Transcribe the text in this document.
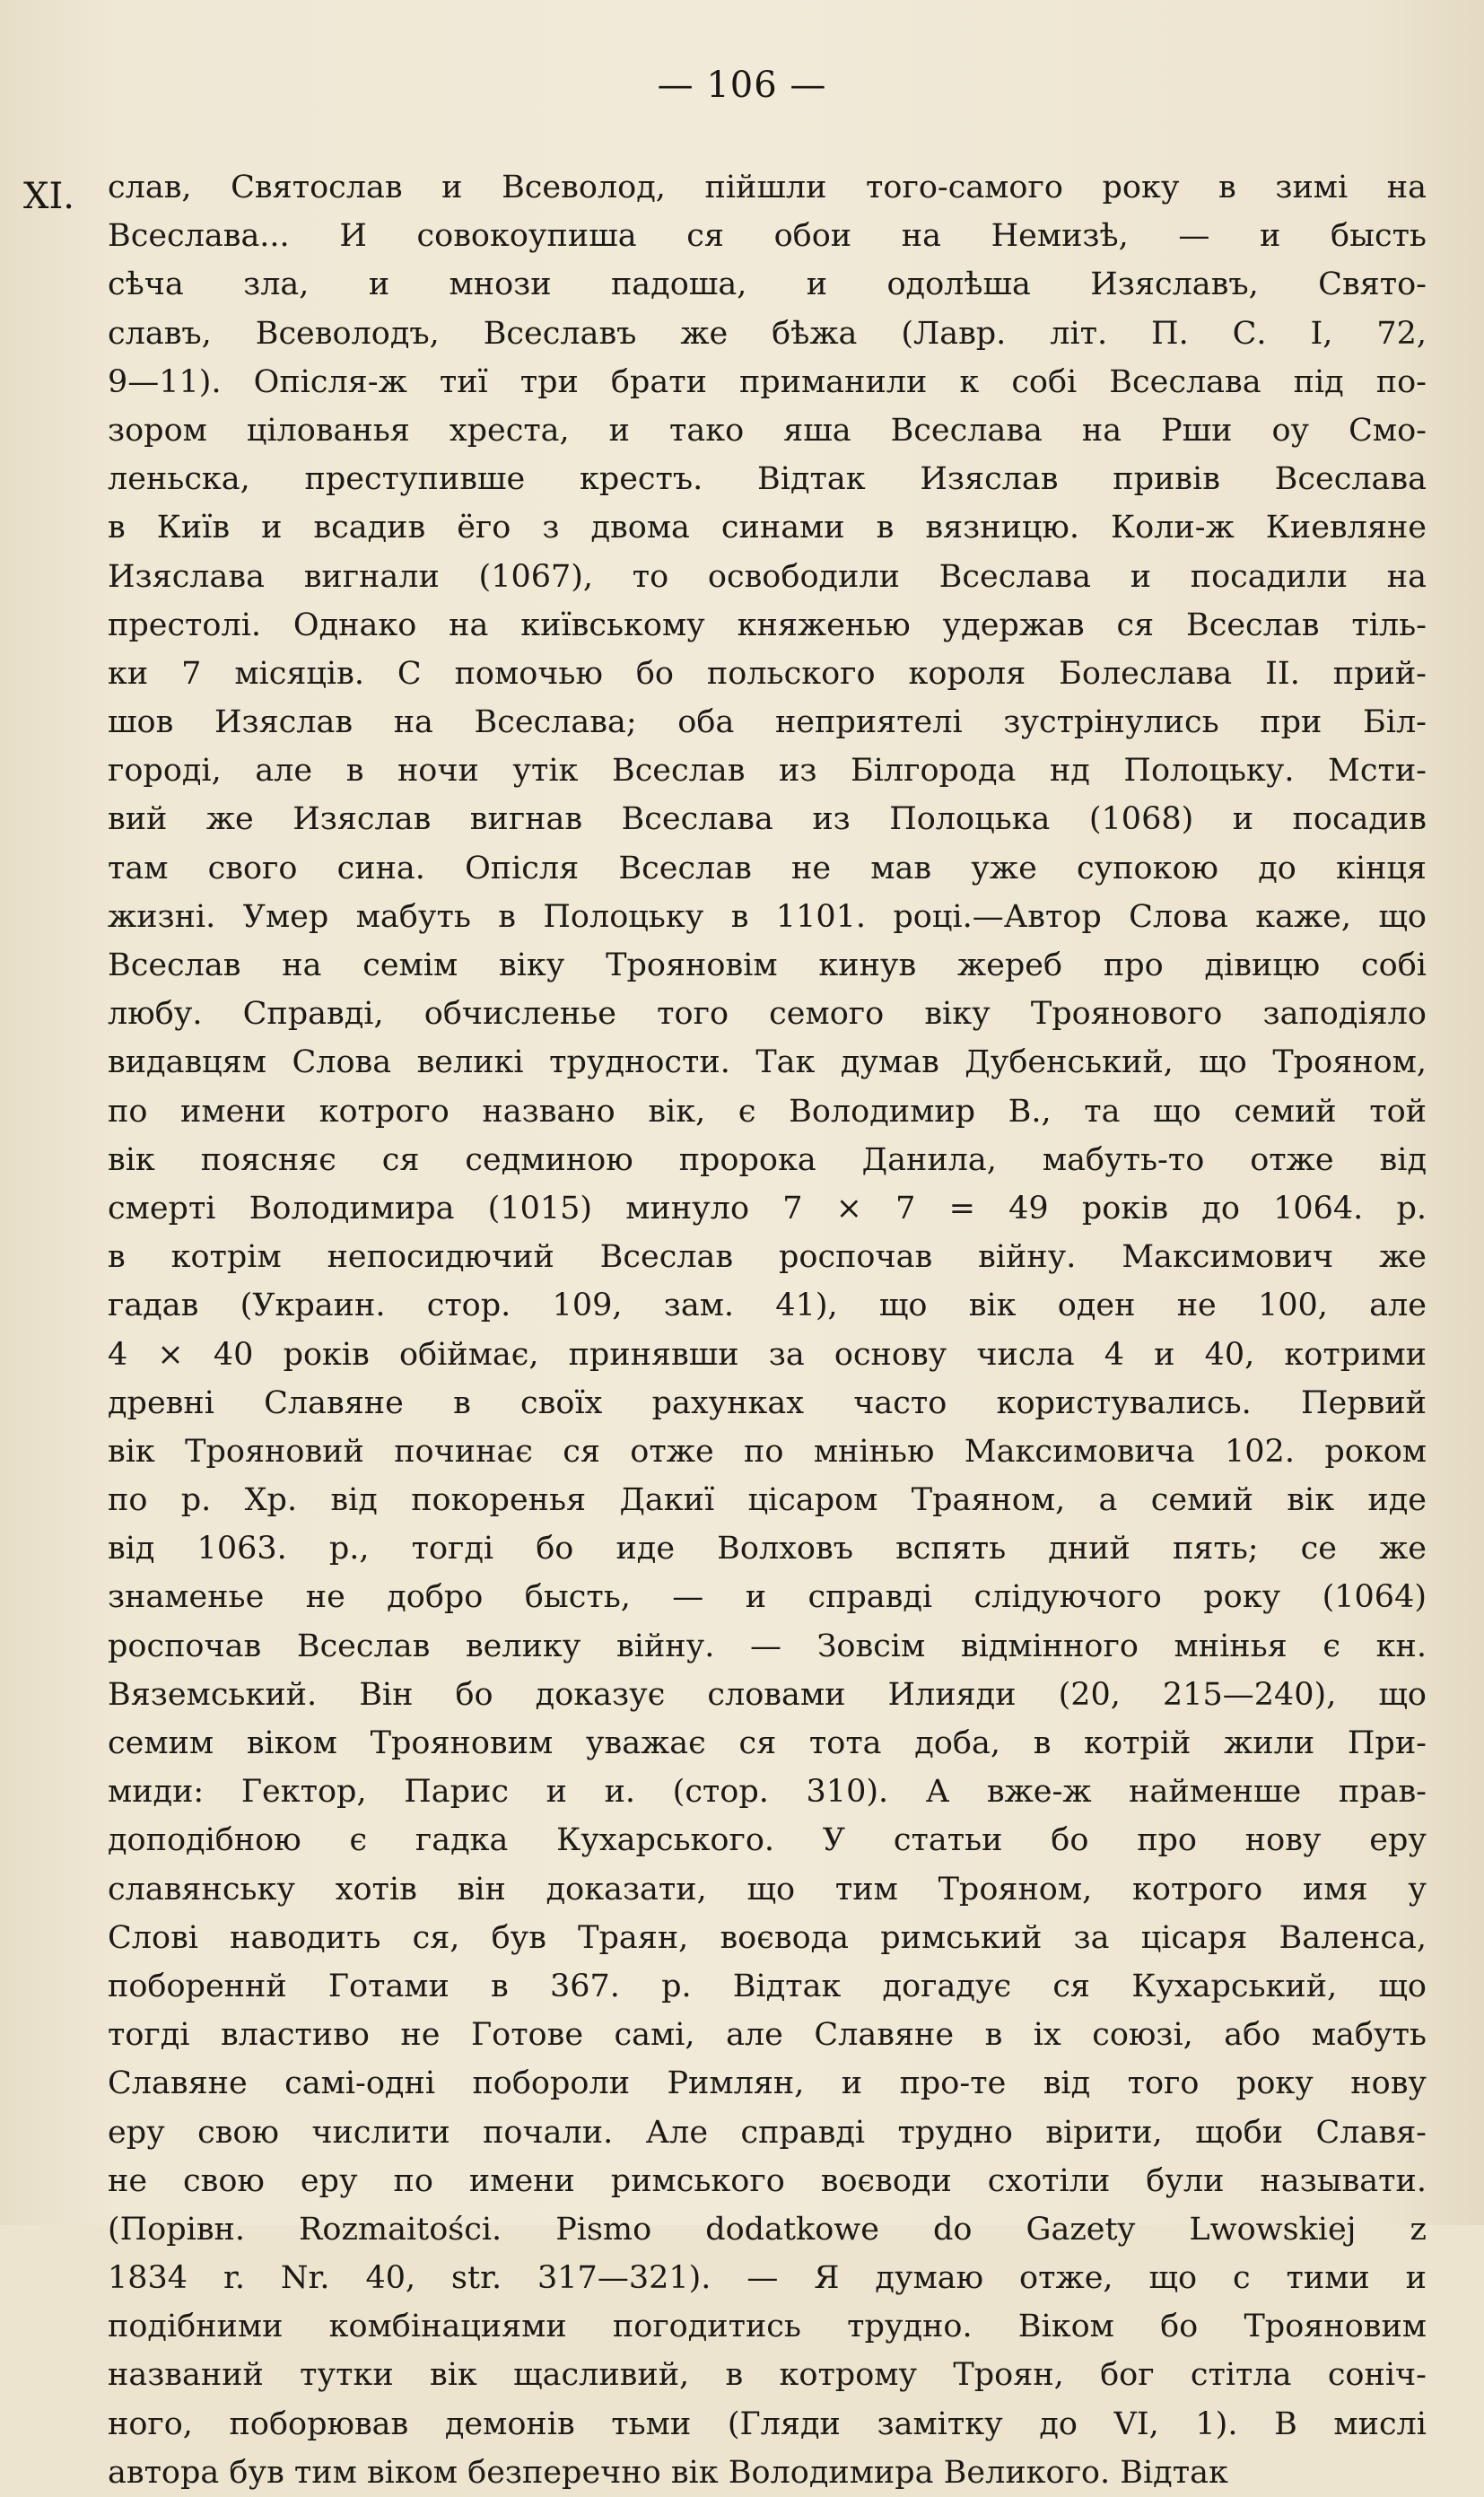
— 106 —
XI. слав, Святослав и Всеволод, пійшли того-самого року в зимі на
Всеслава... И совокоупиша ся обои на Немизѣ, — и бысть
сѣча зла, и мнози падоша, и одолѣша Изяславъ, Свято-
славъ, Всеволодъ, Всеславъ же бѣжа (Лавр. літ. П. С. І, 72,
9—11). Опісля-ж тиї три брати приманили к собі Всеслава під по-
зором цілованья хреста, и тако яша Всеслава на Рши оу Смо-
леньска, преступивше крестъ. Відтак Изяслав привів Всеслава
в Київ и всадив ёго з двома синами в вязницю. Коли-ж Киевляне
Изяслава вигнали (1067), то освободили Всеслава и посадили на
престолі. Однако на київському княженью удержав ся Всеслав тіль-
ки 7 місяців. С помочью бо польского короля Болеслава II. прий-
шов Изяслав на Всеслава; оба неприятелі зустрінулись при Біл-
городі, але в ночи утік Всеслав из Білгорода нд Полоцьку. Мсти-
вий же Изяслав вигнав Всеслава из Полоцька (1068) и посадив
там свого сина. Опісля Всеслав не мав уже супокою до кінця
жизні. Умер мабуть в Полоцьку в 1101. році.—Автор Слова каже, що
Всеслав на семім віку Трояновім кинув жереб про дівицю собі
любу. Справді, обчисленье того семого віку Троянового заподіяло
видавцям Слова великі трудности. Так думав Дубенський, що Трояном,
по имени котрого названо вік, є Володимир В., та що семий той
вік поясняє ся седминою пророка Данила, мабуть-то отже від
смерті Володимира (1015) минуло 7 × 7 = 49 років до 1064. р.
в котрім непосидючий Всеслав роспочав війну. Максимович же
гадав (Украин. стор. 109, зам. 41), що вік оден не 100, але
4 × 40 років обіймає, принявши за основу числа 4 и 40, котрими
древні Славяне в своїх рахунках часто користувались. Первий
вік Трояновий починає ся отже по мнінью Максимовича 102. роком
по р. Хр. від покоренья Дакиї цісаром Траяном, а семий вік иде
від 1063. р., тогді бо иде Волховъ вспять дний пять; се же
знаменье не добро бысть, — и справді слідуючого року (1064)
роспочав Всеслав велику війну. — Зовсім відмінного мнінья є кн.
Вяземський. Він бо доказує словами Илияди (20, 215—240), що
семим віком Трояновим уважає ся тота доба, в котрій жили При-
миди: Гектор, Парис и и. (стор. 310). А вже-ж найменше прав-
доподібною є гадка Кухарського. У статьи бо про нову еру
славянську хотів він доказати, що тим Трояном, котрого имя у
Слові наводить ся, був Траян, воєвода римський за цісаря Валенса,
побореннй Готами в 367. р. Відтак догадує ся Кухарський, що
тогді властиво не Готове самі, але Славяне в іх союзі, або мабуть
Славяне самі-одні побороли Римлян, и про-те від того року нову
еру свою числити почали. Але справді трудно вірити, щоби Славя-
не свою еру по имени римського воєводи схотіли були называти.
(Порівн. Rozmaitości. Pismo dodatkowe do Gazety Lwowskiej z
1834 r. Nr. 40, str. 317—321). — Я думаю отже, що с тими и
подібними комбінациями погодитись трудно. Віком бо Трояновим
названий тутки вік щасливий, в котрому Троян, бог стітла соніч-
ного, поборював демонів тьми (Гляди замітку до VI, 1). В мислі
автора був тим віком безперечно вік Володимира Великого. Відтак
